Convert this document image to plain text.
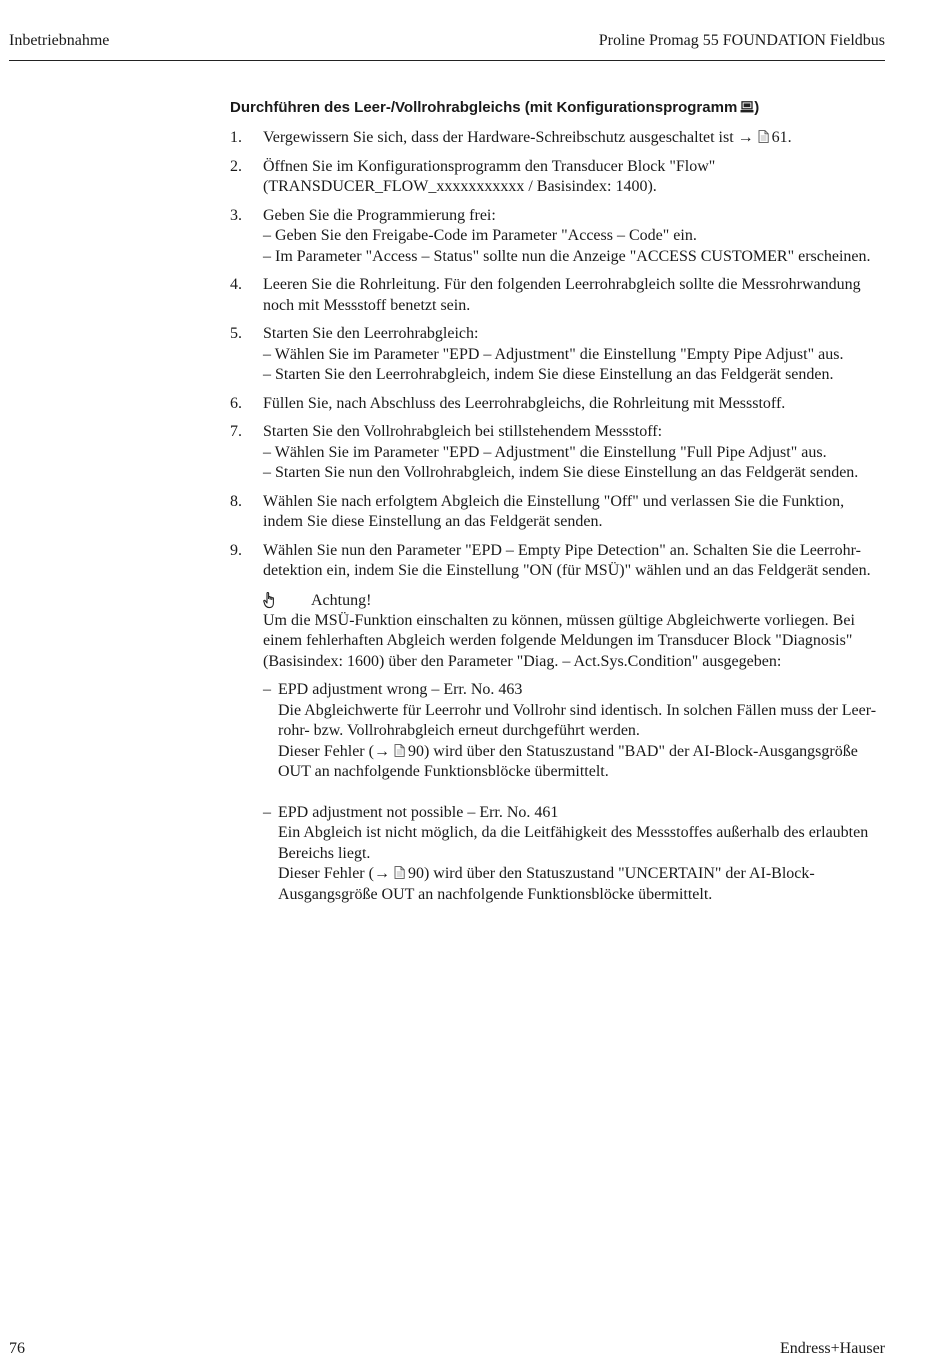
Inbetriebnahme	Proline Promag 55 FOUNDATION Fieldbus
Durchführen des Leer-/Vollrohrabgleichs (mit Konfigurationsprogramm )
1. Vergewissern Sie sich, dass der Hardware-Schreibschutz ausgeschaltet ist → 61.
2. Öffnen Sie im Konfigurationsprogramm den Transducer Block "Flow"
(TRANSDUCER_FLOW_xxxxxxxxxxx / Basisindex: 1400).
3. Geben Sie die Programmierung frei:
– Geben Sie den Freigabe-Code im Parameter "Access – Code" ein.
– Im Parameter "Access – Status" sollte nun die Anzeige "ACCESS CUSTOMER" erscheinen.
4. Leeren Sie die Rohrleitung. Für den folgenden Leerrohrabgleich sollte die Messrohrwandung noch mit Messstoff benetzt sein.
5. Starten Sie den Leerrohrabgleich:
– Wählen Sie im Parameter "EPD – Adjustment" die Einstellung "Empty Pipe Adjust" aus.
– Starten Sie den Leerrohrabgleich, indem Sie diese Einstellung an das Feldgerät senden.
6. Füllen Sie, nach Abschluss des Leerrohrabgleichs, die Rohrleitung mit Messstoff.
7. Starten Sie den Vollrohrabgleich bei stillstehendem Messstoff:
– Wählen Sie im Parameter "EPD – Adjustment" die Einstellung "Full Pipe Adjust" aus.
– Starten Sie nun den Vollrohrabgleich, indem Sie diese Einstellung an das Feldgerät senden.
8. Wählen Sie nach erfolgtem Abgleich die Einstellung "Off" und verlassen Sie die Funktion, indem Sie diese Einstellung an das Feldgerät senden.
9. Wählen Sie nun den Parameter "EPD – Empty Pipe Detection" an. Schalten Sie die Leerrohr-
detektion ein, indem Sie die Einstellung "ON (für MSÜ)" wählen und an das Feldgerät senden.
Achtung!
Um die MSÜ-Funktion einschalten zu können, müssen gültige Abgleichwerte vorliegen. Bei einem fehlerhaften Abgleich werden folgende Meldungen im Transducer Block "Diagnosis" (Basisindex: 1600) über den Parameter "Diag. – Act.Sys.Condition" ausgegeben:
– EPD adjustment wrong – Err. No. 463
Die Abgleichwerte für Leerrohr und Vollrohr sind identisch. In solchen Fällen muss der Leer-
rohr- bzw. Vollrohrabgleich erneut durchgeführt werden.
Dieser Fehler (→ 90) wird über den Statuszustand "BAD" der AI-Block-Ausgangsgröße
OUT an nachfolgende Funktionsblöcke übermittelt.
– EPD adjustment not possible – Err. No. 461
Ein Abgleich ist nicht möglich, da die Leitfähigkeit des Messstoffes außerhalb des erlaubten
Bereichs liegt.
Dieser Fehler (→ 90) wird über den Statuszustand "UNCERTAIN" der AI-Block-
Ausgangsgröße OUT an nachfolgende Funktionsblöcke übermittelt.
76	Endress+Hauser
